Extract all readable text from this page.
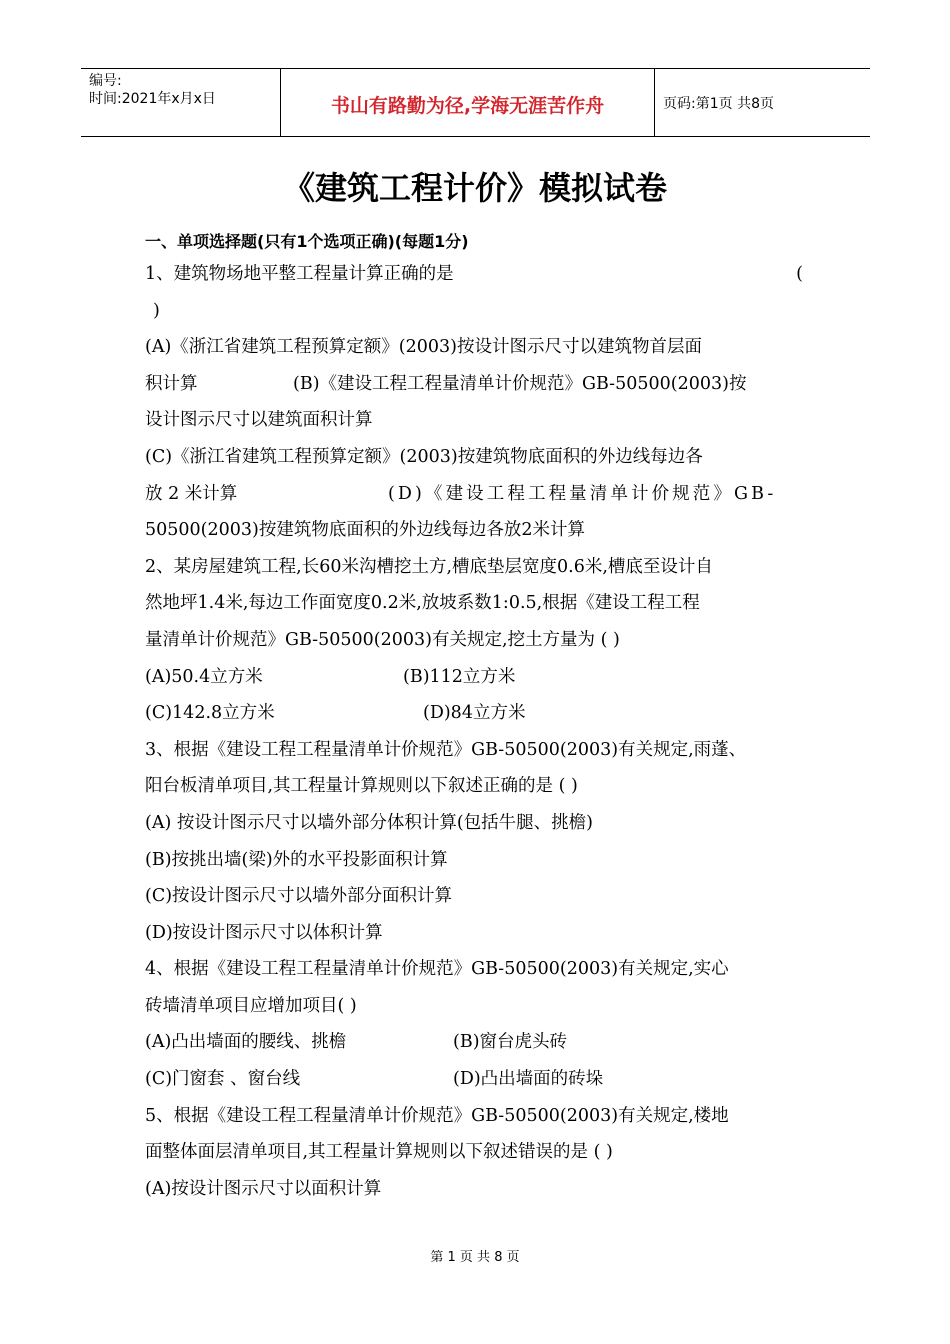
编号:
时间:2021年x月x日	书山有路勤为径,学海无涯苦作舟	页码:第1页 共8页
《建筑工程计价》模拟试卷
一、单项选择题(只有1个选项正确)(每题1分)
1、建筑物场地平整工程量计算正确的是	(
)
(A)《浙江省建筑工程预算定额》(2003)按设计图示尺寸以建筑物首层面
积计算	(B)《建设工程工程量清单计价规范》GB-50500(2003)按
设计图示尺寸以建筑面积计算
(C)《浙江省建筑工程预算定额》(2003)按建筑物底面积的外边线每边各
放 2 米计算	(D)《建设工程工程量清单计价规范》GB-
50500(2003)按建筑物底面积的外边线每边各放2米计算
2、某房屋建筑工程,长60米沟槽挖土方,槽底垫层宽度0.6米,槽底至设计自
然地坪1.4米,每边工作面宽度0.2米,放坡系数1:0.5,根据《建设工程工程
量清单计价规范》GB-50500(2003)有关规定,挖土方量为 ( )
(A)50.4立方米	(B)112立方米
(C)142.8立方米	(D)84立方米
3、根据《建设工程工程量清单计价规范》GB-50500(2003)有关规定,雨蓬、
阳台板清单项目,其工程量计算规则以下叙述正确的是 ( )
(A) 按设计图示尺寸以墙外部分体积计算(包括牛腿、挑檐)
(B)按挑出墙(梁)外的水平投影面积计算
(C)按设计图示尺寸以墙外部分面积计算
(D)按设计图示尺寸以体积计算
4、根据《建设工程工程量清单计价规范》GB-50500(2003)有关规定,实心
砖墙清单项目应增加项目( )
(A)凸出墙面的腰线、挑檐	(B)窗台虎头砖
(C)门窗套 、窗台线	(D)凸出墙面的砖垛
5、根据《建设工程工程量清单计价规范》GB-50500(2003)有关规定,楼地
面整体面层清单项目,其工程量计算规则以下叙述错误的是 ( )
(A)按设计图示尺寸以面积计算
第 1 页 共 8 页
